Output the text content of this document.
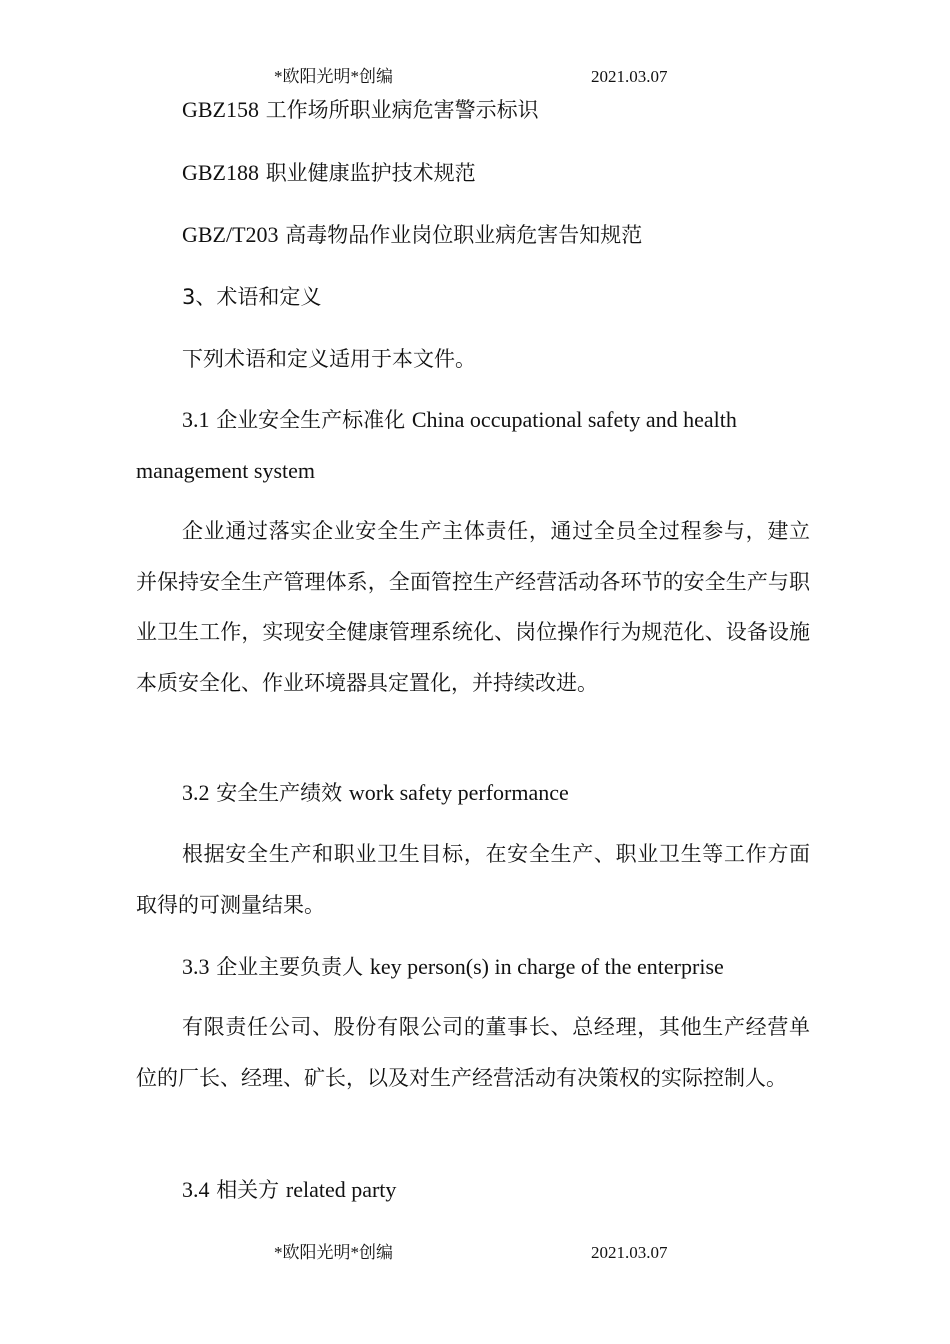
*欧阳光明*创编	2021.03.07
GBZ158 工作场所职业病危害警示标识
GBZ188 职业健康监护技术规范
GBZ/T203 高毒物品作业岗位职业病危害告知规范
3、术语和定义
下列术语和定义适用于本文件。
3.1 企业安全生产标准化 China occupational safety and health management system
企业通过落实企业安全生产主体责任，通过全员全过程参与，建立并保持安全生产管理体系，全面管控生产经营活动各环节的安全生产与职业卫生工作，实现安全健康管理系统化、岗位操作行为规范化、设备设施本质安全化、作业环境器具定置化，并持续改进。
3.2 安全生产绩效 work safety performance
根据安全生产和职业卫生目标，在安全生产、职业卫生等工作方面取得的可测量结果。
3.3 企业主要负责人 key person(s) in charge of the enterprise
有限责任公司、股份有限公司的董事长、总经理，其他生产经营单位的厂长、经理、矿长，以及对生产经营活动有决策权的实际控制人。
3.4 相关方 related party
*欧阳光明*创编	2021.03.07
